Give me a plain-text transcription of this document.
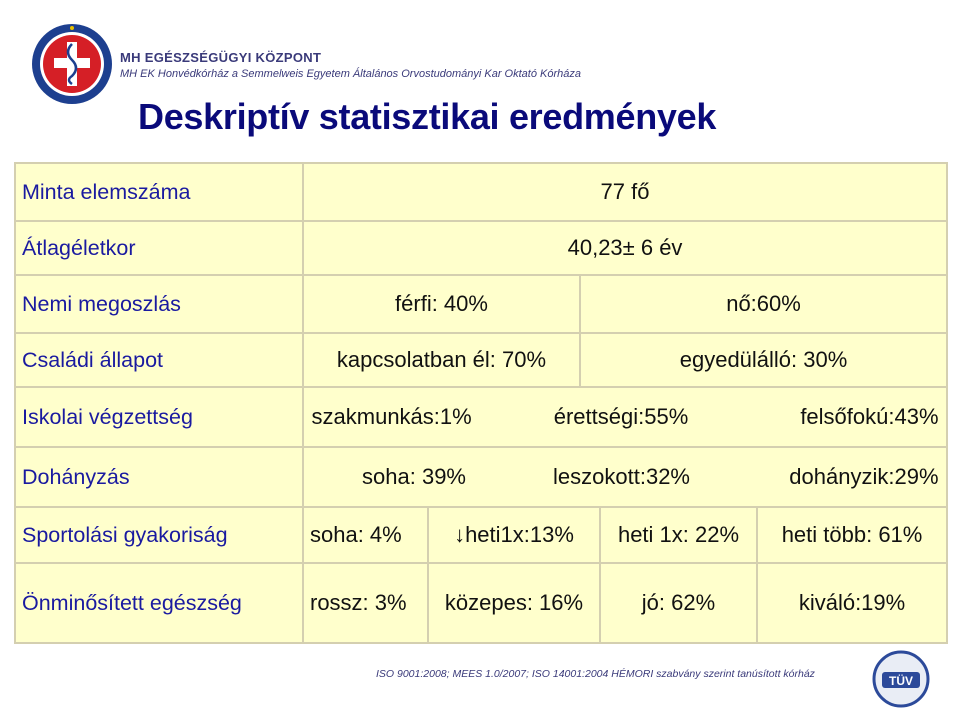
MH EGÉSZSÉGÜGYI KÖZPONT
MH EK Honvédkórház a Semmelweis Egyetem Általános Orvostudományi Kar Oktató Kórháza
Deskriptív statisztikai eredmények
Minta elemszáma	77 fő				
Átlagéletkor	40,23± 6 év				
Nemi megoszlás	férfi: 40%		nő:60%		
Családi állapot	kapcsolatban él: 70%		egyedülálló: 30%		
Iskolai végzettség	szakmunkás:1% érettségi:55% felsőfokú:43%				
Dohányzás	soha: 39% leszokott:32% dohányzik:29%				
Sportolási gyakoriság	soha: 4%	↓heti1x:13%		heti 1x: 22%	heti több: 61%
Önminősített egészség	rossz: 3%	közepes: 16%		jó: 62%	kiváló:19%
ISO 9001:2008; MEES 1.0/2007; ISO 14001:2004 HÉMORI szabvány szerint tanúsított kórház	TÜV
